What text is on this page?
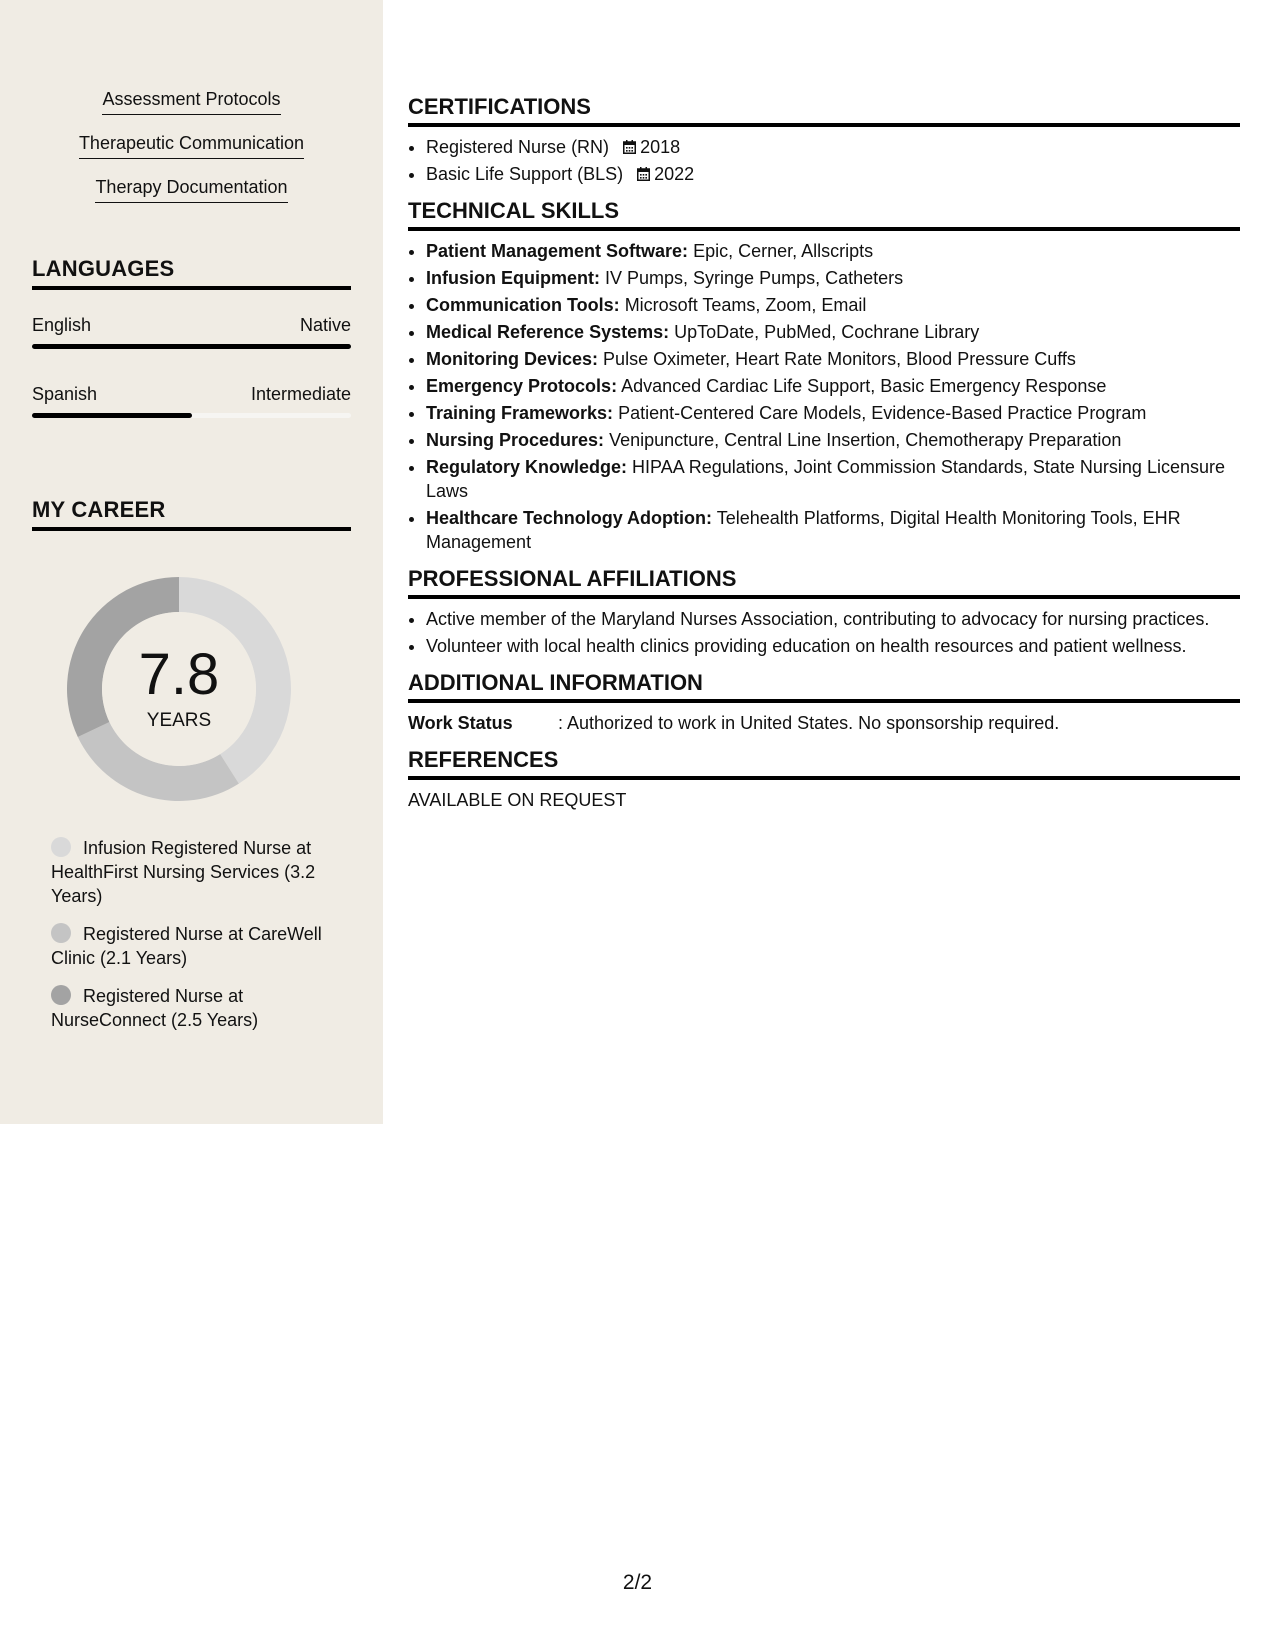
Assessment Protocols
Therapeutic Communication
Therapy Documentation
LANGUAGES
English	Native
Spanish	Intermediate
MY CAREER
7.8
YEARS
Infusion Registered Nurse at HealthFirst Nursing Services (3.2 Years)
Registered Nurse at CareWell Clinic (2.1 Years)
Registered Nurse at NurseConnect (2.5 Years)
CERTIFICATIONS
• Registered Nurse (RN) 2018
• Basic Life Support (BLS) 2022
TECHNICAL SKILLS
• Patient Management Software: Epic, Cerner, Allscripts
• Infusion Equipment: IV Pumps, Syringe Pumps, Catheters
• Communication Tools: Microsoft Teams, Zoom, Email
• Medical Reference Systems: UpToDate, PubMed, Cochrane Library
• Monitoring Devices: Pulse Oximeter, Heart Rate Monitors, Blood Pressure Cuffs
• Emergency Protocols: Advanced Cardiac Life Support, Basic Emergency Response
• Training Frameworks: Patient-Centered Care Models, Evidence-Based Practice Program
• Nursing Procedures: Venipuncture, Central Line Insertion, Chemotherapy Preparation
• Regulatory Knowledge: HIPAA Regulations, Joint Commission Standards, State Nursing Licensure Laws
• Healthcare Technology Adoption: Telehealth Platforms, Digital Health Monitoring Tools, EHR Management
PROFESSIONAL AFFILIATIONS
• Active member of the Maryland Nurses Association, contributing to advocacy for nursing practices.
• Volunteer with local health clinics providing education on health resources and patient wellness.
ADDITIONAL INFORMATION
Work Status	: Authorized to work in United States. No sponsorship required.
REFERENCES
AVAILABLE ON REQUEST
2/2
